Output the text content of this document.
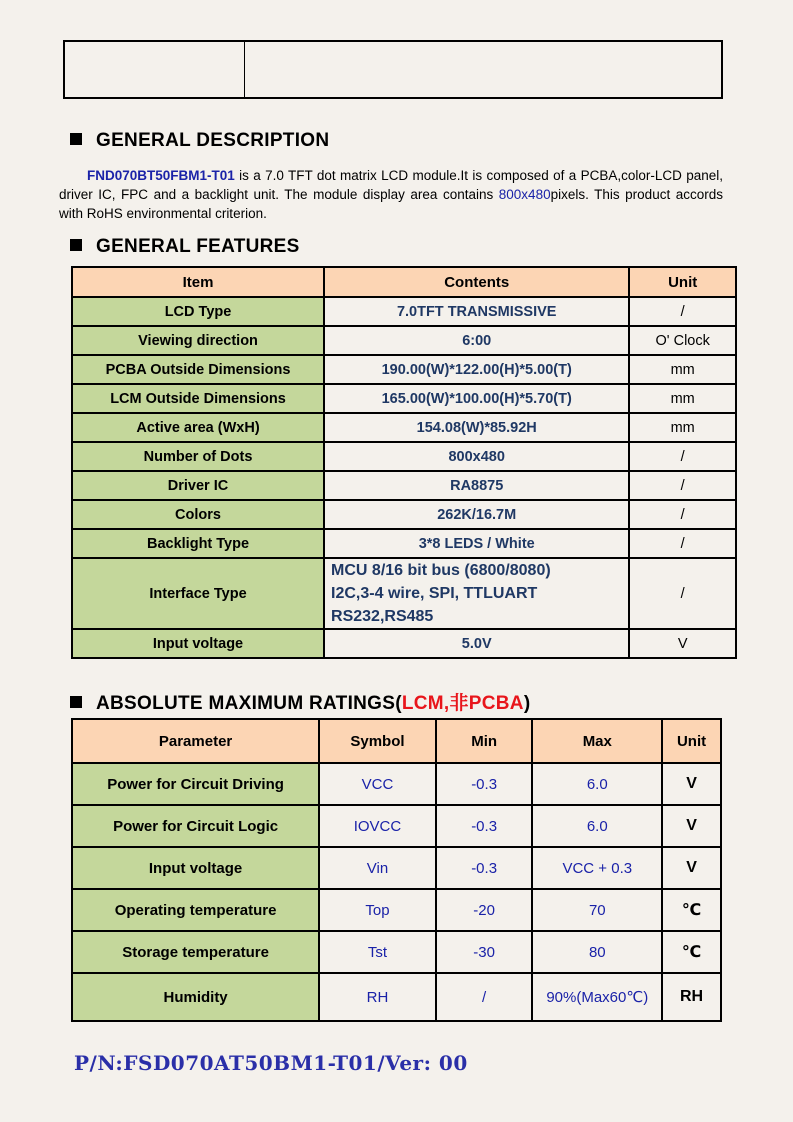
GENERAL DESCRIPTION

FND070BT50FBM1-T01 is a 7.0 TFT dot matrix LCD module.It is composed of a PCBA,color-LCD panel, driver IC, FPC and a backlight unit. The module display area contains 800x480pixels. This product accords with RoHS environmental criterion.

GENERAL FEATURES
Item	Contents	Unit
LCD Type	7.0TFT TRANSMISSIVE	/
Viewing direction	6:00	O' Clock
PCBA Outside Dimensions	190.00(W)*122.00(H)*5.00(T)	mm
LCM Outside Dimensions	165.00(W)*100.00(H)*5.70(T)	mm
Active area (WxH)	154.08(W)*85.92H	mm
Number of Dots	800x480	/
Driver IC	RA8875	/
Colors	262K/16.7M	/
Backlight Type	3*8 LEDS / White	/
Interface Type	MCU 8/16 bit bus (6800/8080)
I2C,3-4 wire, SPI, TTLUART
RS232,RS485	/
Input voltage	5.0V	V
ABSOLUTE MAXIMUM RATINGS(LCM,非PCBA)
Parameter	Symbol	Min	Max	Unit
Power for Circuit Driving	VCC	-0.3	6.0	V
Power for Circuit Logic	IOVCC	-0.3	6.0	V
Input voltage	Vin	-0.3	VCC + 0.3	V
Operating temperature	Top	-20	70	℃
Storage temperature	Tst	-30	80	℃
Humidity	RH	/	90%(Max60℃)	RH
P/N:FSD070AT50BM1-T01/Ver: 00
